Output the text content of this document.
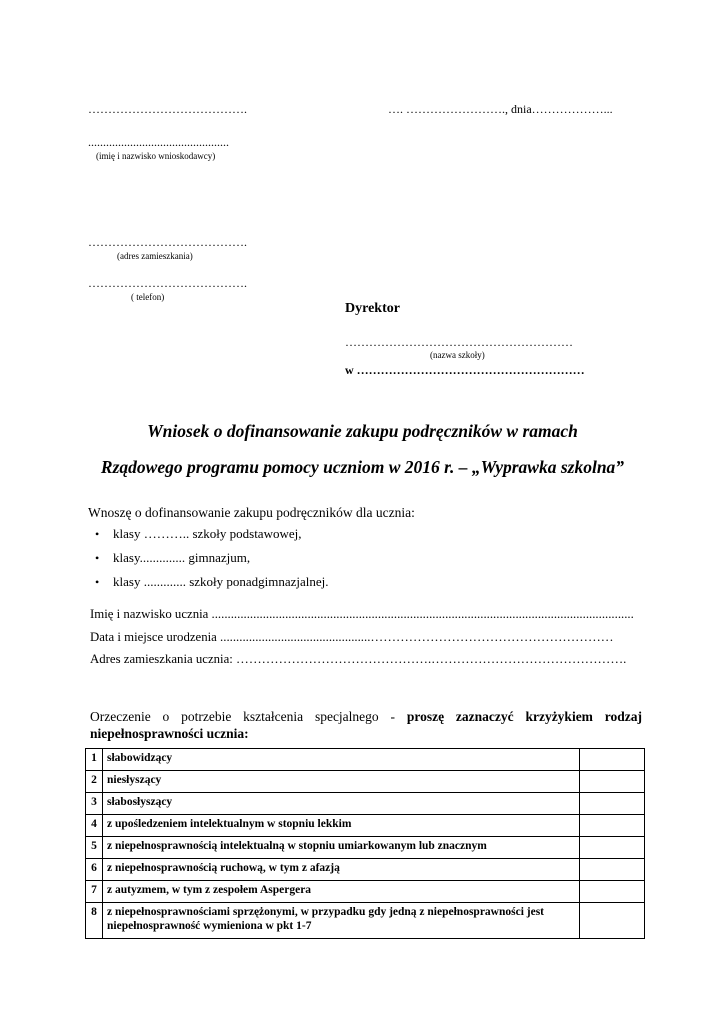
………………………………….	…. ……………………., dnia………………...
...............................................
(imię i nazwisko wnioskodawcy)
………………………………….
(adres zamieszkania)
………………………………….
( telefon)
Dyrektor
…………………………………………………
(nazwa szkoły)
w …………………………………………………
Wniosek o dofinansowanie zakupu podręczników w ramach
Rządowego programu pomocy uczniom w 2016 r. – „Wyprawka szkolna”
Wnoszę o dofinansowanie zakupu podręczników dla ucznia:
• klasy ……….. szkoły podstawowej,
• klasy.............. gimnazjum,
• klasy ............. szkoły ponadgimnazjalnej.
Imię i nazwisko ucznia ....................................................................................................................................
Data i miejsce urodzenia ...............................................…………………………………………………
Adres zamieszkania ucznia: ……………………………………….……………………………………….

Orzeczenie o potrzebie kształcenia specjalnego - proszę zaznaczyć krzyżykiem rodzaj niepełnosprawności ucznia:

1	słabowidzący	
2	niesłyszący	
3	słabosłyszący	
4	z upośledzeniem intelektualnym w stopniu lekkim	
5	z niepełnosprawnością intelektualną w stopniu umiarkowanym lub znacznym	
6	z niepełnosprawnością ruchową, w tym z afazją	
7	z autyzmem, w tym z zespołem Aspergera	
8	z niepełnosprawnościami sprzężonymi, w przypadku gdy jedną z niepełnosprawności jest niepełnosprawność wymieniona w pkt 1-7	
